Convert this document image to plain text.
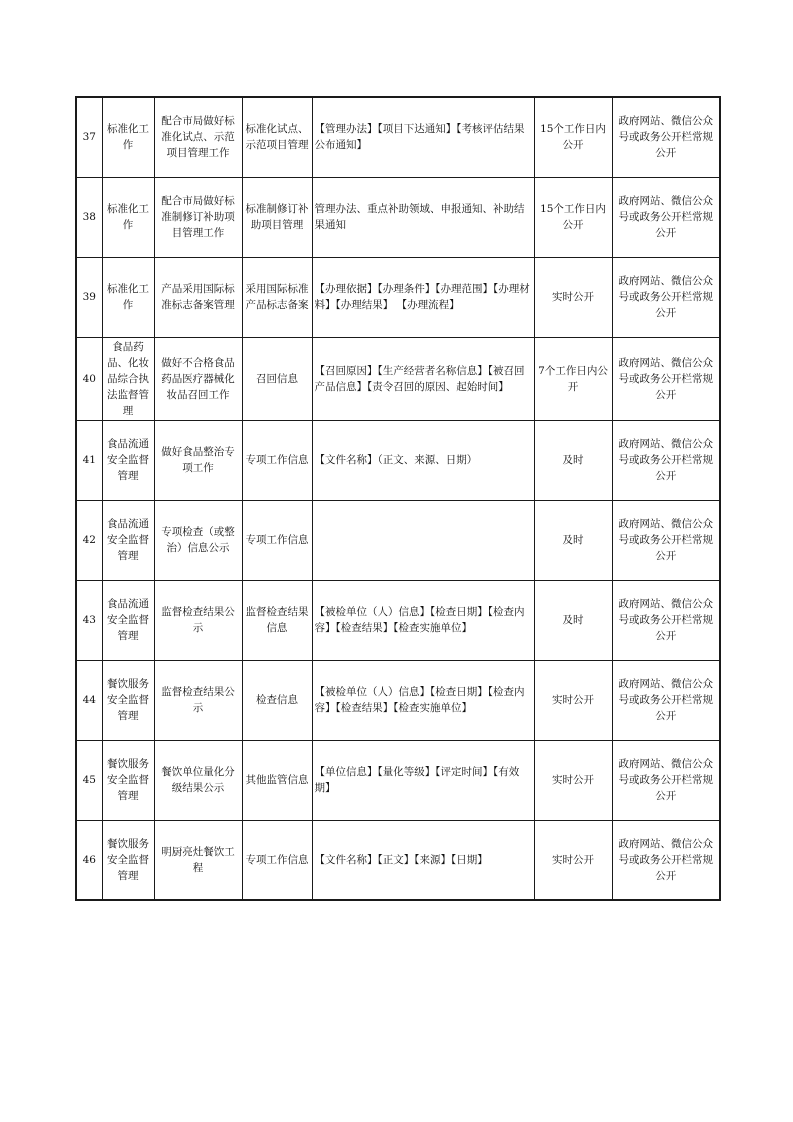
37	标准化工作	配合市局做好标准化试点、示范项目管理工作	标准化试点、示范项目管理	【管理办法】【项目下达通知】【考核评估结果公布通知】	15个工作日内公开	政府网站、微信公众号或政务公开栏常规公开
38	标准化工作	配合市局做好标准制修订补助项目管理工作	标准制修订补助项目管理	管理办法、重点补助领域、申报通知、补助结果通知	15个工作日内公开	政府网站、微信公众号或政务公开栏常规公开
39	标准化工作	产品采用国际标准标志备案管理	采用国际标准产品标志备案	【办理依据】【办理条件】【办理范围】【办理材料】【办理结果】 【办理流程】	实时公开	政府网站、微信公众号或政务公开栏常规公开
40	食品药品、化妆品综合执法监督管理	做好不合格食品药品医疗器械化妆品召回工作	召回信息	【召回原因】【生产经营者名称信息】【被召回产品信息】【责令召回的原因、起始时间】	7个工作日内公开	政府网站、微信公众号或政务公开栏常规公开
41	食品流通安全监督管理	做好食品整治专项工作	专项工作信息	【文件名称】（正文、来源、日期）	及时	政府网站、微信公众号或政务公开栏常规公开
42	食品流通安全监督管理	专项检查（或整治）信息公示	专项工作信息		及时	政府网站、微信公众号或政务公开栏常规公开
43	食品流通安全监督管理	监督检查结果公示	监督检查结果信息	【被检单位（人）信息】【检查日期】【检查内容】【检查结果】【检查实施单位】	及时	政府网站、微信公众号或政务公开栏常规公开
44	餐饮服务安全监督管理	监督检查结果公示	检查信息	【被检单位（人）信息】【检查日期】【检查内容】【检查结果】【检查实施单位】	实时公开	政府网站、微信公众号或政务公开栏常规公开
45	餐饮服务安全监督管理	餐饮单位量化分级结果公示	其他监管信息	【单位信息】【量化等级】【评定时间】【有效期】	实时公开	政府网站、微信公众号或政务公开栏常规公开
46	餐饮服务安全监督管理	明厨亮灶餐饮工程	专项工作信息	【文件名称】【正文】【来源】【日期】	实时公开	政府网站、微信公众号或政务公开栏常规公开
